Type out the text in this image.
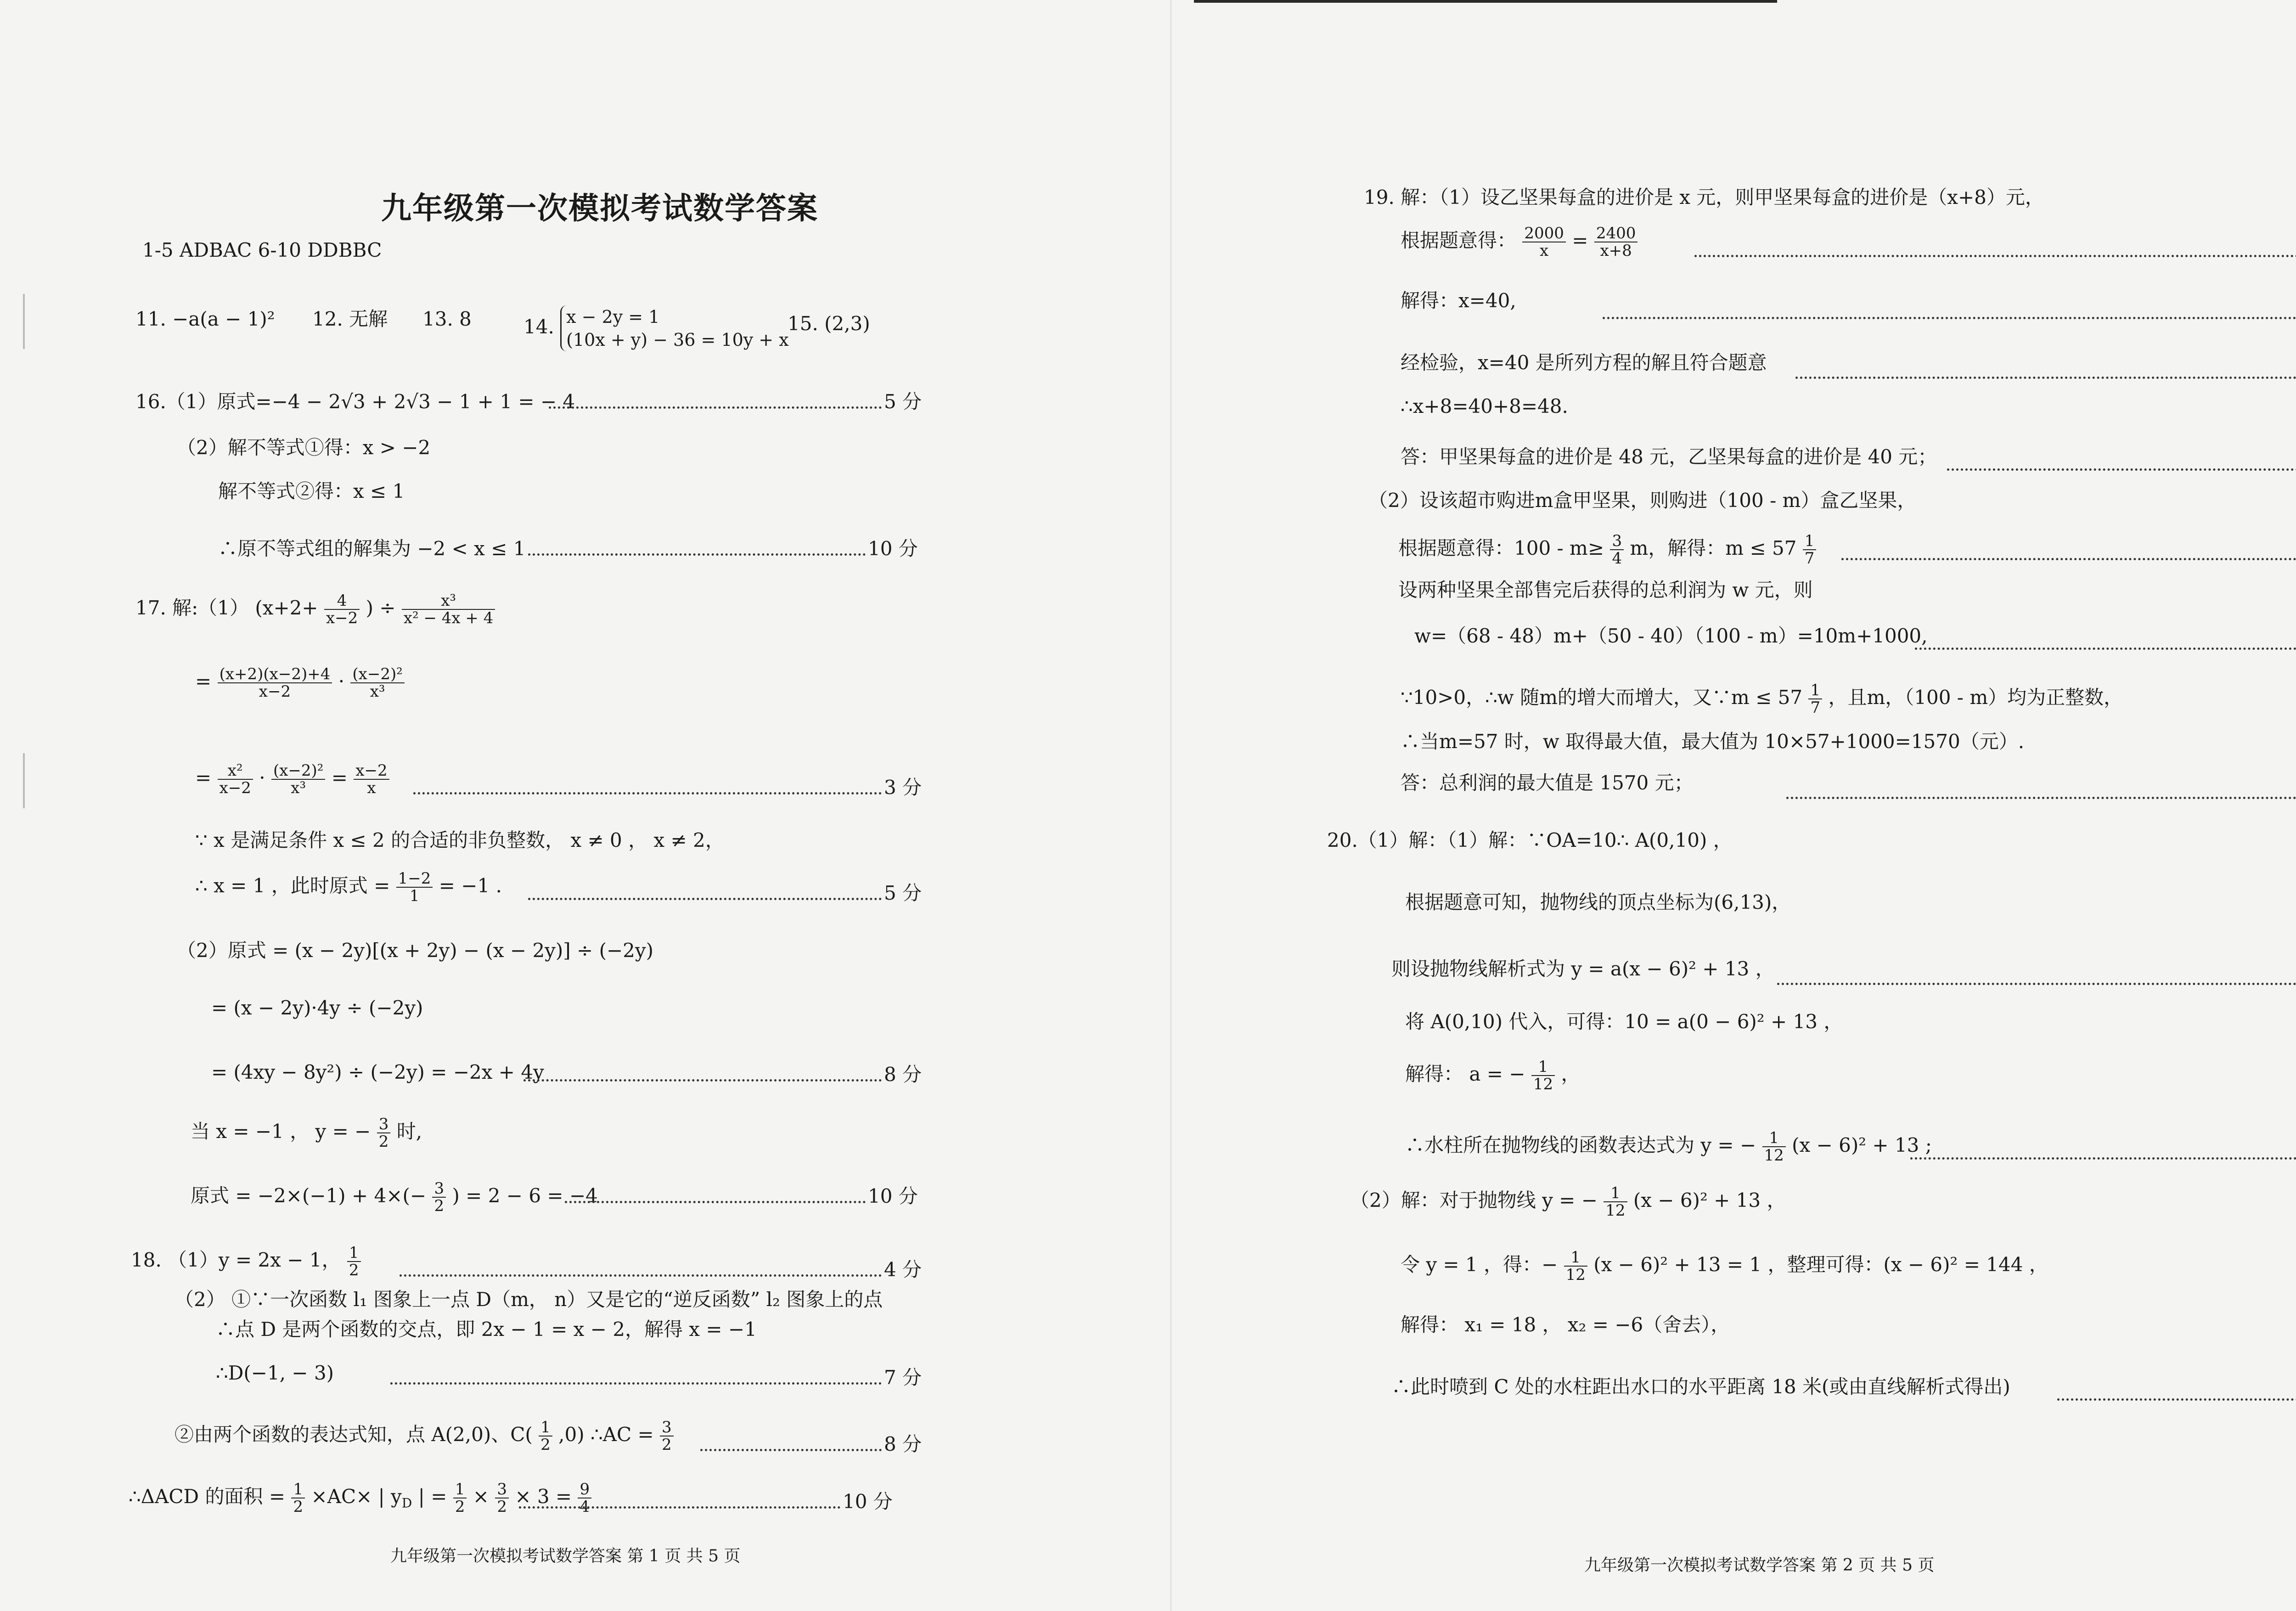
九年级第一次模拟考试数学答案
1-5 ADBAC 6-10 DDBBC
11. −a(a − 1)² 12. 无解 13. 8	14. x − 2y = 1
(10x + y) − 36 = 10y + x
15. (2,3)
16.（1）原式=−4 − 2√3 + 2√3 − 1 + 1 = − 4	5 分
（2）解不等式①得：x > −2
解不等式②得：x ≤ 1
∴原不等式组的解集为 −2 < x ≤ 1	10 分
17. 解:（1） ($x+2+ \frac{4}{x-2}$ ) ÷ $\frac{\text{x³}}{\text{x² − 4x + 4}}$
= $\frac{(x+2)(x-2)+4}{x-2} \cdot \frac{\text{(x−2)²}}{\text{x³}}$
= $\frac{\text{x²}}{x-2} \cdot \frac{\text{(x−2)²}}{\text{x³}} = \frac{x-2}{x}$	3 分
∵ x 是满足条件 x ≤ 2 的合适的非负整数， x ≠ 0 ， x ≠ 2，
∴ x = 1 ，此时原式 = $\frac{1-2}{1} = -1$ .	5 分
（2）原式 = (x − 2y)[(x + 2y) − (x − 2y)] ÷ (−2y)
= (x − 2y)·4y ÷ (−2y)
= (4xy − 8y²) ÷ (−2y) = −2x + 4y	8 分
当 x = −1 ， y = − $\frac{3}{2}$ 时,
原式 = $-2\times(-1) + 4\times(- \frac{3}{2}$ ) = 2 − 6 = −4	10 分
18. （1）y = 2x − 1， $\frac{1}{2}$	4 分
（2） ①∵一次函数 l₁ 图象上一点 D（m， n）又是它的“逆反函数” l₂ 图象上的点
∴点 D 是两个函数的交点，即 2x − 1 = x − 2，解得 x = −1
∴D(−1, − 3)	7 分
②由两个函数的表达式知，点 A(2,0)、$C( \frac{1}{2} ,0)$ ∴AC = $\frac{3}{2}$	8 分
∴ΔACD 的面积 = $\frac{1}{2} \times AC\times$ | $y_D$ | = $\frac{1}{2} \times \frac{3}{2} \times 3 = \frac{9}{4}$	10 分
九年级第一次模拟考试数学答案 第 1 页 共 5 页
19. 解：（1）设乙坚果每盒的进价是 x 元，则甲坚果每盒的进价是（x+8）元，
根据题意得： $\frac{2000}{x} = \frac{2400}{x+8}$
解得：x=40,
经检验，x=40 是所列方程的解且符合题意
∴x+8=40+8=48.
答：甲坚果每盒的进价是 48 元，乙坚果每盒的进价是 40 元；
（2）设该超市购进m盒甲坚果，则购进（100 - m）盒乙坚果，
根据题意得：$100 - m\ge \frac{3}{4}$ m，解得：$m \le 57 \frac{1}{7}$
设两种坚果全部售完后获得的总利润为 w 元，则
w=（68 - 48）m+（50 - 40）（100 - m）=10m+1000,
∵10>0，∴w 随m的增大而增大，又∵m ≤ $57 \frac{1}{7}$ ，且m，（100 - m）均为正整数，
∴当m=57 时，w 取得最大值，最大值为 10×57+1000=1570（元）.
答：总利润的最大值是 1570 元；
20.（1）解：（1）解：∵OA=10∴ A(0,10) ，
根据题意可知，抛物线的顶点坐标为(6,13)，
则设抛物线解析式为 y = a(x − 6)² + 13 ，
将 A(0,10) 代入，可得：10 = a(0 − 6)² + 13 ，
解得： a = − $\frac{1}{12}$ ，
∴水柱所在抛物线的函数表达式为 y = − $\frac{1}{12} (x - 6)^2 + 13$ ;
（2）解：对于抛物线 y = − $\frac{1}{12} (x - 6)^2 + 13$ ，
令 y = 1 ，得：− $\frac{1}{12} (x - 6)^2 + 13 = 1$ ，整理可得：(x − 6)² = 144 ，
解得： x₁ = 18 ， x₂ = −6（舍去），
∴此时喷到 C 处的水柱距出水口的水平距离 18 米(或由直线解析式得出)
九年级第一次模拟考试数学答案 第 2 页 共 5 页
